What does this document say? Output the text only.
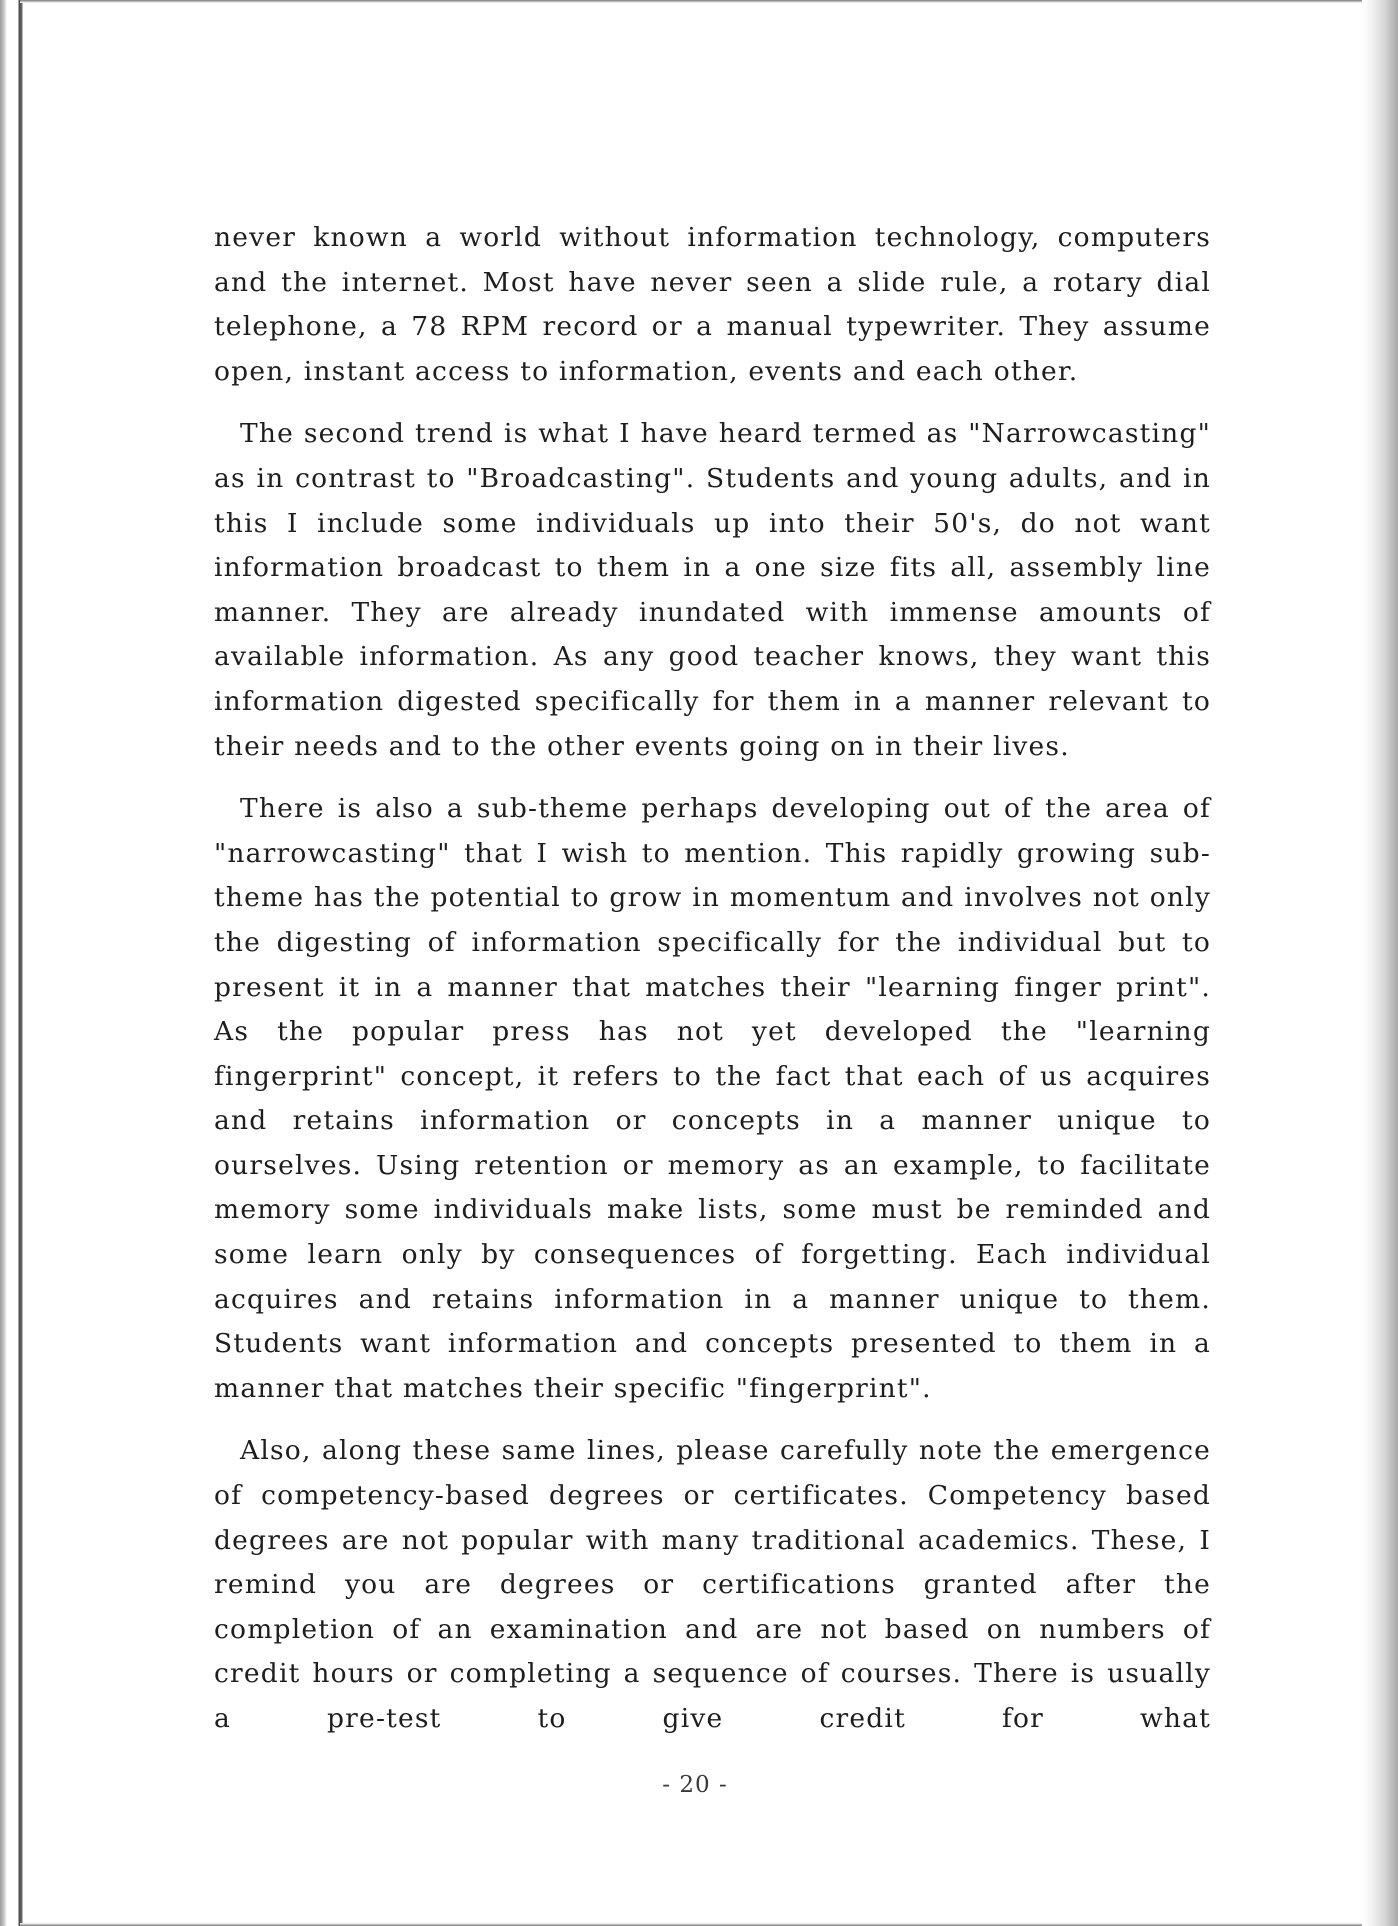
never known a world without information technology, computers and the internet. Most have never seen a slide rule, a rotary dial telephone, a 78 RPM record or a manual typewriter. They assume open, instant access to information, events and each other.

The second trend is what I have heard termed as "Narrowcasting" as in contrast to "Broadcasting". Students and young adults, and in this I include some individuals up into their 50's, do not want information broadcast to them in a one size fits all, assembly line manner. They are already inundated with immense amounts of available information. As any good teacher knows, they want this information digested specifically for them in a manner relevant to their needs and to the other events going on in their lives.

There is also a sub-theme perhaps developing out of the area of "narrowcasting" that I wish to mention. This rapidly growing sub-theme has the potential to grow in momentum and involves not only the digesting of information specifically for the individual but to present it in a manner that matches their "learning finger print". As the popular press has not yet developed the "learning fingerprint" concept, it refers to the fact that each of us acquires and retains information or concepts in a manner unique to ourselves. Using retention or memory as an example, to facilitate memory some individuals make lists, some must be reminded and some learn only by consequences of forgetting. Each individual acquires and retains information in a manner unique to them. Students want information and concepts presented to them in a manner that matches their specific "fingerprint".

Also, along these same lines, please carefully note the emergence of competency-based degrees or certificates. Competency based degrees are not popular with many traditional academics. These, I remind you are degrees or certifications granted after the completion of an examination and are not based on numbers of credit hours or completing a sequence of courses. There is usually a pre-test to give credit for what

- 20 -
